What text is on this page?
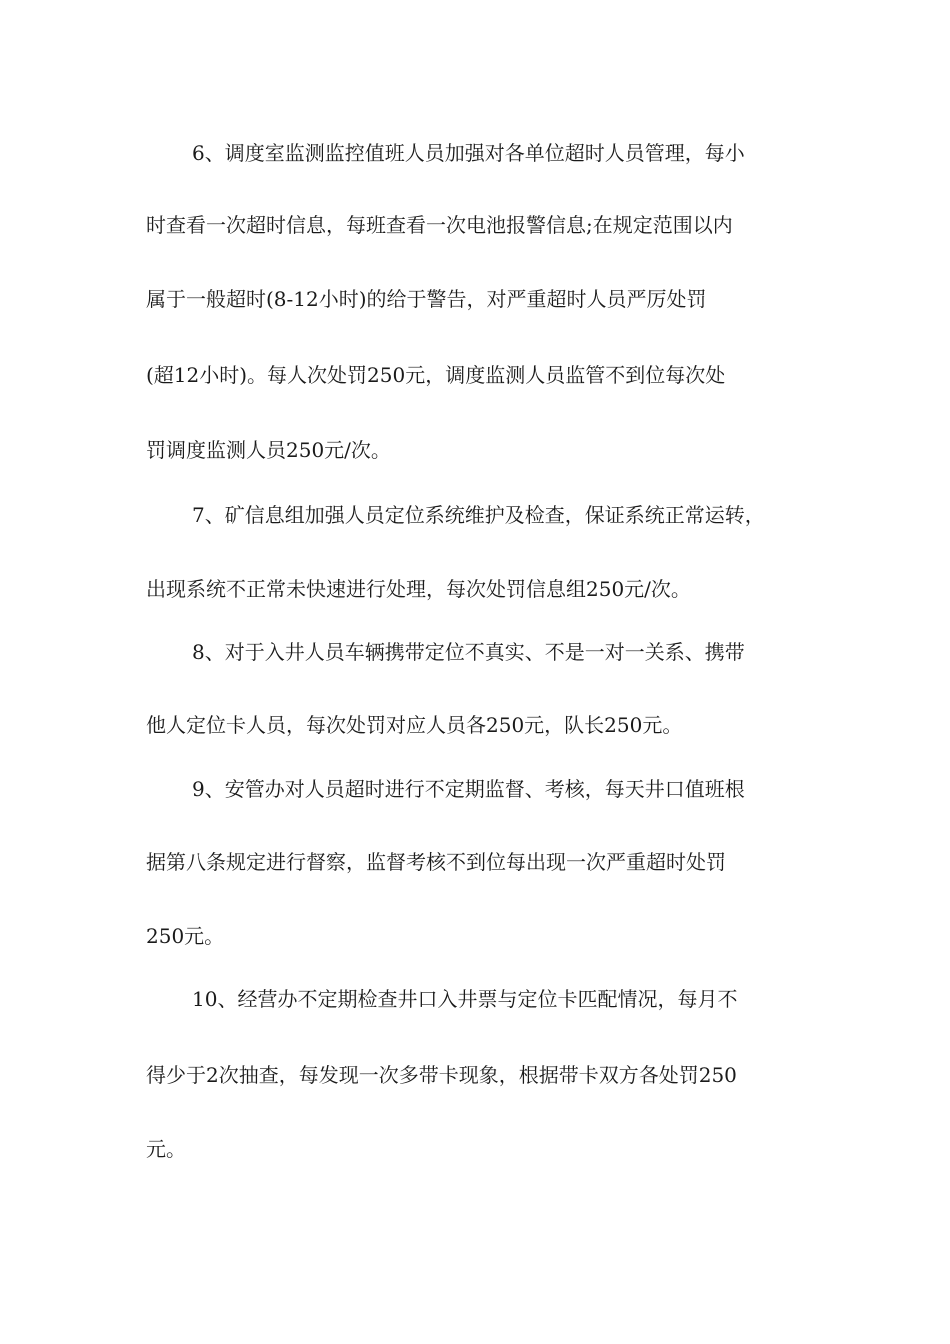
6、调度室监测监控值班人员加强对各单位超时人员管理，每小
时查看一次超时信息，每班查看一次电池报警信息;在规定范围以内
属于一般超时(8-12小时)的给于警告，对严重超时人员严厉处罚
(超12小时)。每人次处罚250元，调度监测人员监管不到位每次处
罚调度监测人员250元/次。
7、矿信息组加强人员定位系统维护及检查，保证系统正常运转，
出现系统不正常未快速进行处理，每次处罚信息组250元/次。
8、对于入井人员车辆携带定位不真实、不是一对一关系、携带
他人定位卡人员，每次处罚对应人员各250元，队长250元。
9、安管办对人员超时进行不定期监督、考核，每天井口值班根
据第八条规定进行督察，监督考核不到位每出现一次严重超时处罚
250元。
10、经营办不定期检查井口入井票与定位卡匹配情况，每月不
得少于2次抽查，每发现一次多带卡现象，根据带卡双方各处罚250
元。
